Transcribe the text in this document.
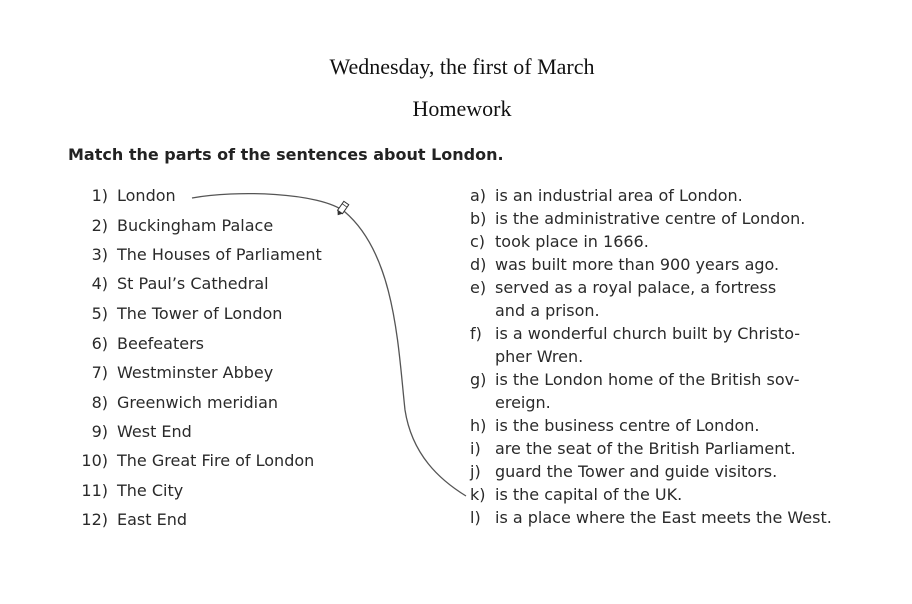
Wednesday, the first of March
Homework
Match the parts of the sentences about London.
1) London
2) Buckingham Palace
3) The Houses of Parliament
4) St Paul’s Cathedral
5) The Tower of London
6) Beefeaters
7) Westminster Abbey
8) Greenwich meridian
9) West End
10) The Great Fire of London
11) The City
12) East End
a) is an industrial area of London.
b) is the administrative centre of London.
c) took place in 1666.
d) was built more than 900 years ago.
e) served as a royal palace, a fortress
and a prison.
f) is a wonderful church built by Christo-
pher Wren.
g) is the London home of the British sov-
ereign.
h) is the business centre of London.
i) are the seat of the British Parliament.
j) guard the Tower and guide visitors.
k) is the capital of the UK.
l) is a place where the East meets the West.
